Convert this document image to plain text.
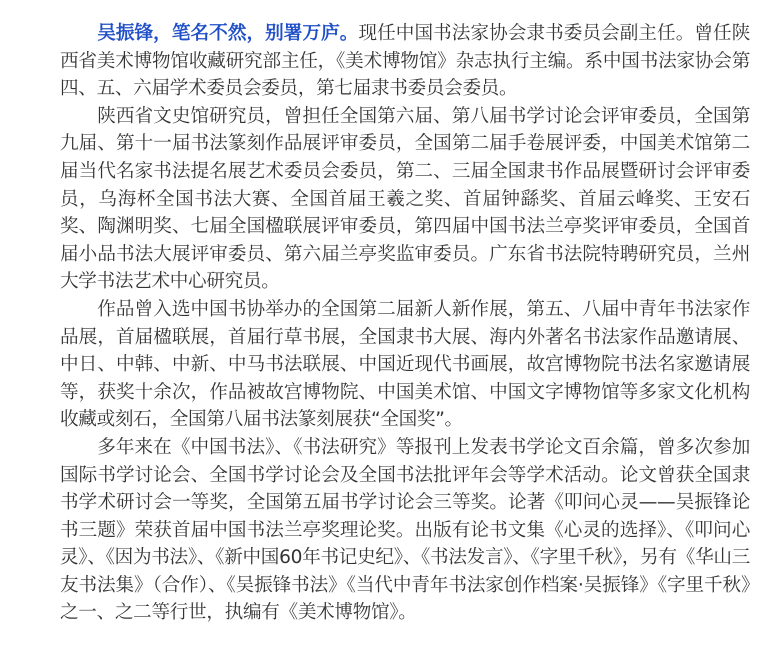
吴振锋，笔名不然，别署万庐。现任中国书法家协会隶书委员会副主任。曾任陕西省美术博物馆收藏研究部主任，《美术博物馆》杂志执行主编。系中国书法家协会第四、五、六届学术委员会委员，第七届隶书委员会委员。

陕西省文史馆研究员，曾担任全国第六届、第八届书学讨论会评审委员，全国第九届、第十一届书法篆刻作品展评审委员，全国第二届手卷展评委，中国美术馆第二届当代名家书法提名展艺术委员会委员，第二、三届全国隶书作品展暨研讨会评审委员，乌海杯全国书法大赛、全国首届王羲之奖、首届钟繇奖、首届云峰奖、王安石奖、陶渊明奖、七届全国楹联展评审委员，第四届中国书法兰亭奖评审委员，全国首届小品书法大展评审委员、第六届兰亭奖监审委员。广东省书法院特聘研究员，兰州大学书法艺术中心研究员。

作品曾入选中国书协举办的全国第二届新人新作展，第五、八届中青年书法家作品展，首届楹联展，首届行草书展，全国隶书大展、海内外著名书法家作品邀请展、中日、中韩、中新、中马书法联展、中国近现代书画展，故宫博物院书法名家邀请展等，获奖十余次，作品被故宫博物院、中国美术馆、中国文字博物馆等多家文化机构收藏或刻石，全国第八届书法篆刻展获“全国奖”。

多年来在《中国书法》、《书法研究》等报刊上发表书学论文百余篇，曾多次参加国际书学讨论会、全国书学讨论会及全国书法批评年会等学术活动。论文曾获全国隶书学术研讨会一等奖，全国第五届书学讨论会三等奖。论著《叩问心灵——吴振锋论书三题》荣获首届中国书法兰亭奖理论奖。出版有论书文集《心灵的选择》、《叩问心灵》、《因为书法》、《新中国60年书记史纪》、《书法发言》、《字里千秋》，另有《华山三友书法集》（合作）、《吴振锋书法》《当代中青年书法家创作档案·吴振锋》《字里千秋》之一、之二等行世，执编有《美术博物馆》。
